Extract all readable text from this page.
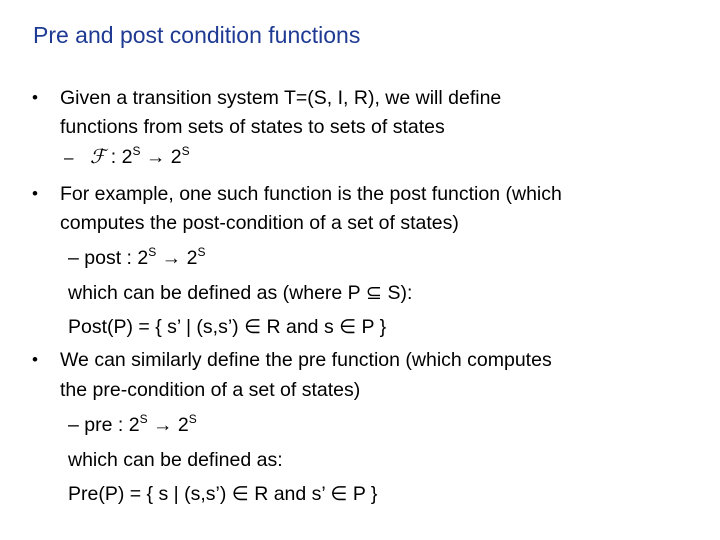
Pre and post condition functions
• Given a transition system T=(S, I, R), we will define
functions from sets of states to sets of states
– ℱ : $2^S \to 2^S$
• For example, one such function is the post function (which
computes the post-condition of a set of states)
– post : $2^S \to 2^S$
which can be defined as (where P ⊆ S):
Post(P) = { s’ | (s,s’) ∈ R and s ∈ P }
• We can similarly define the pre function (which computes
the pre-condition of a set of states)
– pre : $2^S \to 2^S$
which can be defined as:
Pre(P) = { s | (s,s’) ∈ R and s’ ∈ P }
